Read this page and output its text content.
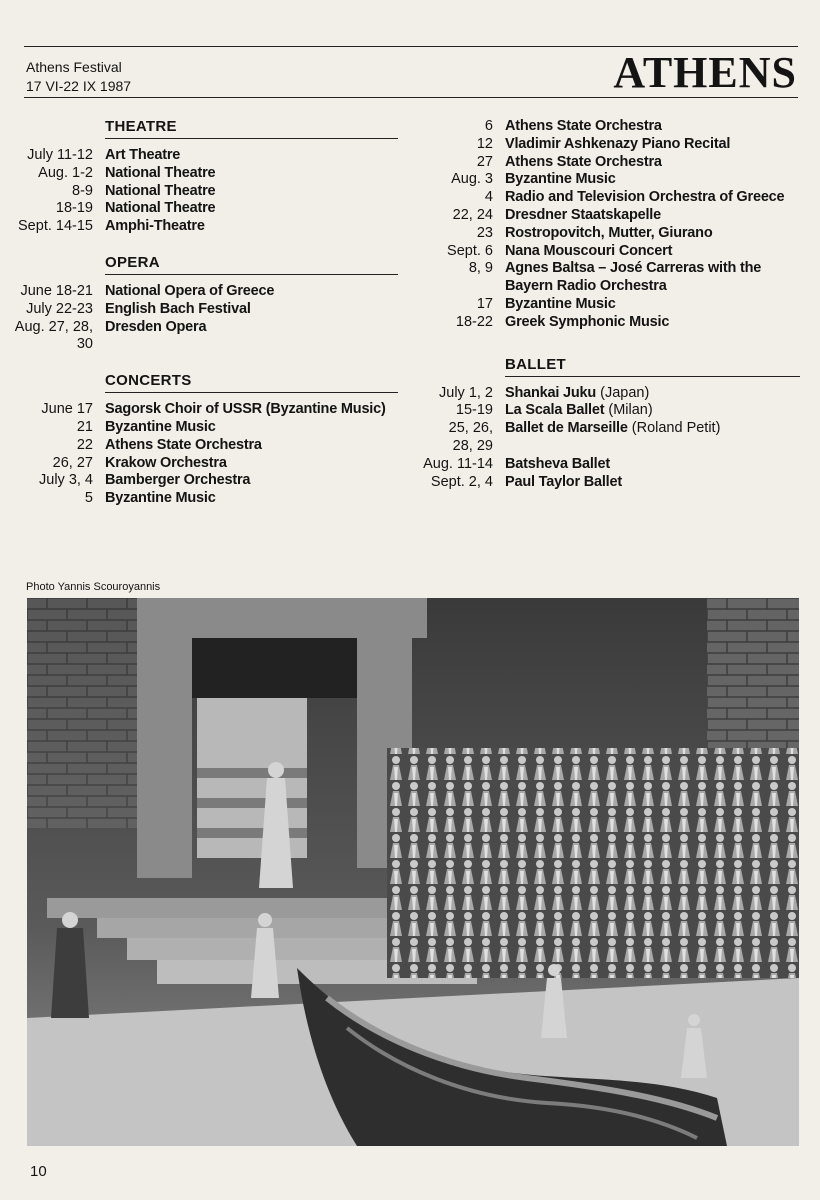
Athens Festival
17 VI-22 IX 1987	ATHENS
THEATRE
July 11-12 Art Theatre
Aug. 1-2 National Theatre
8-9 National Theatre
18-19 National Theatre
Sept. 14-15 Amphi-Theatre
OPERA
June 18-21 National Opera of Greece
July 22-23 English Bach Festival
Aug. 27, 28, Dresden Opera
30
CONCERTS
June 17 Sagorsk Choir of USSR (Byzantine Music)
21 Byzantine Music
22 Athens State Orchestra
26, 27 Krakow Orchestra
July 3, 4 Bamberger Orchestra
5 Byzantine Music
6 Athens State Orchestra
12 Vladimir Ashkenazy Piano Recital
27 Athens State Orchestra
Aug. 3 Byzantine Music
4 Radio and Television Orchestra of Greece
22, 24 Dresdner Staatskapelle
23 Rostropovitch, Mutter, Giurano
Sept. 6 Nana Mouscouri Concert
8, 9 Agnes Baltsa – José Carreras with the
Bayern Radio Orchestra
17 Byzantine Music
18-22 Greek Symphonic Music
BALLET
July 1, 2 Shankai Juku (Japan)
15-19 La Scala Ballet (Milan)
25, 26, Ballet de Marseille (Roland Petit)
28, 29
Aug. 11-14 Batsheva Ballet
Sept. 2, 4 Paul Taylor Ballet
Photo Yannis Scouroyannis
10
